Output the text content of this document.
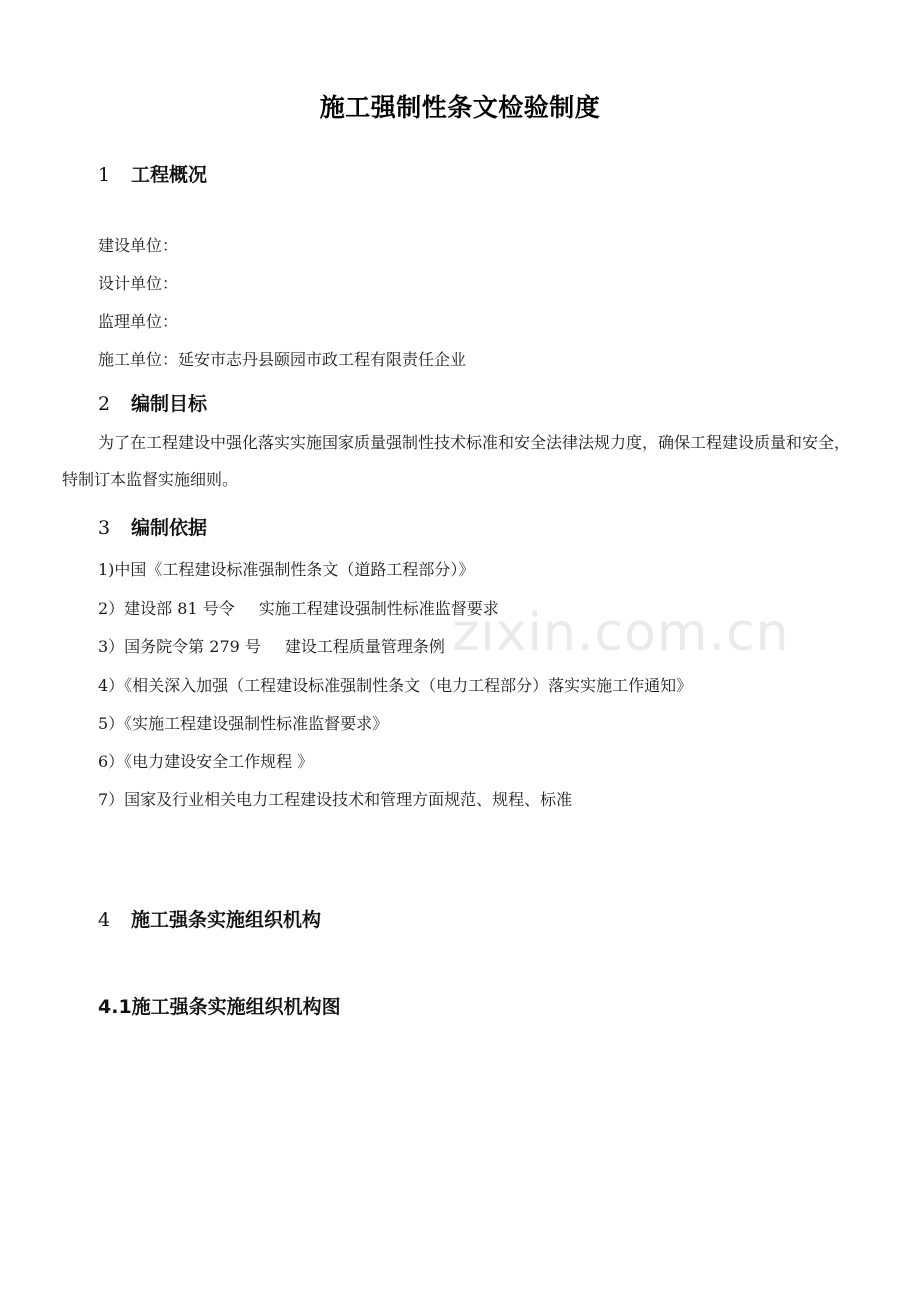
zixin.com.cn
施工强制性条文检验制度
1 工程概况
建设单位：
设计单位：
监理单位：
施工单位：延安市志丹县颐园市政工程有限责任企业
2 编制目标
为了在工程建设中强化落实实施国家质量强制性技术标准和安全法律法规力度，确保工程建设质量和安全，特制订本监督实施细则。
3 编制依据
1)中国《工程建设标准强制性条文（道路工程部分）》
2）建设部 81 号令 实施工程建设强制性标准监督要求
3）国务院令第 279 号 建设工程质量管理条例
4）《相关深入加强（工程建设标准强制性条文（电力工程部分）落实实施工作通知》
5）《实施工程建设强制性标准监督要求》
6）《电力建设安全工作规程 》
7）国家及行业相关电力工程建设技术和管理方面规范、规程、标准
4 施工强条实施组织机构
4.1施工强条实施组织机构图
